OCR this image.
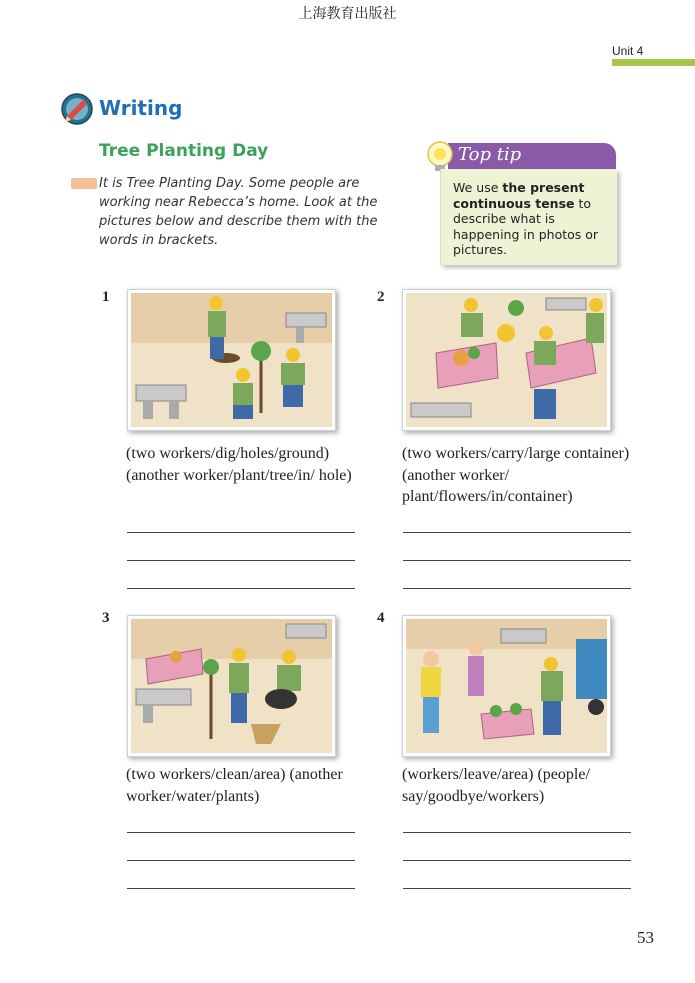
上海教育出版社
Unit 4
Writing
Tree Planting Day
It is Tree Planting Day. Some people are working near Rebecca’s home. Look at the pictures below and describe them with the words in brackets.
Top tip
We use the present continuous tense to describe what is happening in photos or pictures.
1
(two workers/dig/holes/ground) (another worker/plant/tree/in/ hole)
2
(two workers/carry/large container) (another worker/ plant/flowers/in/container)
3
(two workers/clean/area) (another worker/water/plants)
4
(workers/leave/area) (people/ say/goodbye/workers)
53
